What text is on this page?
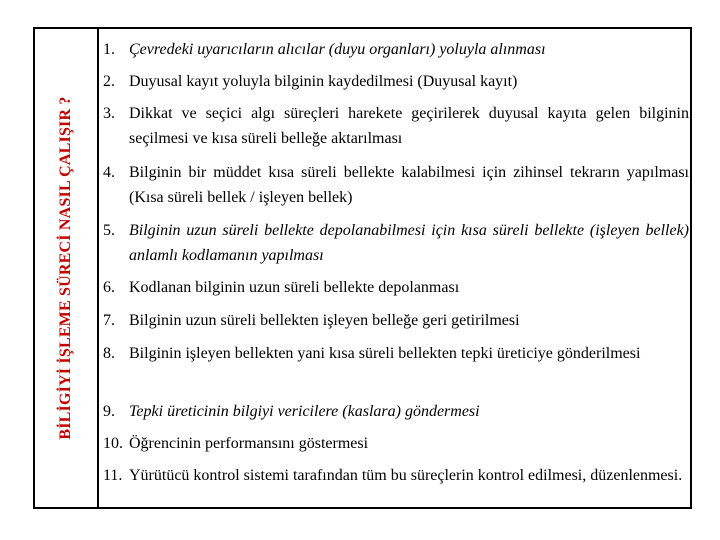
BİLİGİYİ İŞLEME SÜRECİ NASIL ÇALIŞIR ?
1. Çevredeki uyarıcıların alıcılar (duyu organları) yoluyla alınması
2. Duyusal kayıt yoluyla bilginin kaydedilmesi (Duyusal kayıt)
3. Dikkat ve seçici algı süreçleri harekete geçirilerek duyusal kayıta gelen bilginin seçilmesi ve kısa süreli belleğe aktarılması
4. Bilginin bir müddet kısa süreli bellekte kalabilmesi için zihinsel tekrarın yapılması (Kısa süreli bellek / işleyen bellek)
5. Bilginin uzun süreli bellekte depolanabilmesi için kısa süreli bellekte (işleyen bellek) anlamlı kodlamanın yapılması
6. Kodlanan bilginin uzun süreli bellekte depolanması
7. Bilginin uzun süreli bellekten işleyen belleğe geri getirilmesi
8. Bilginin işleyen bellekten yani kısa süreli bellekten tepki üreticiye gönderilmesi
9. Tepki üreticinin bilgiyi vericilere (kaslara) göndermesi
10. Öğrencinin performansını göstermesi
11. Yürütücü kontrol sistemi tarafından tüm bu süreçlerin kontrol edilmesi, düzenlenmesi.
